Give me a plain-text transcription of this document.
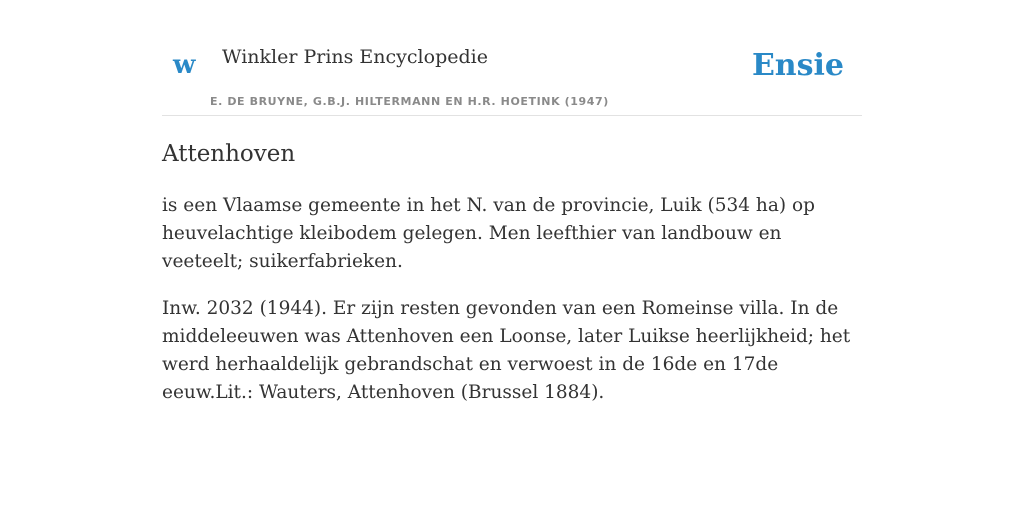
w Winkler Prins Encyclopedie
E. DE BRUYNE, G.B.J. HILTERMANN EN H.R. HOETINK (1947)
Ensie
Attenhoven

is een Vlaamse gemeente in het N. van de provincie, Luik (534 ha) op heuvelachtige kleibodem gelegen. Men leefthier van landbouw en veeteelt; suikerfabrieken.

Inw. 2032 (1944). Er zijn resten gevonden van een Romeinse villa. In de middeleeuwen was Attenhoven een Loonse, later Luikse heerlijkheid; het werd herhaaldelijk gebrandschat en verwoest in de 16de en 17de eeuw.Lit.: Wauters, Attenhoven (Brussel 1884).
